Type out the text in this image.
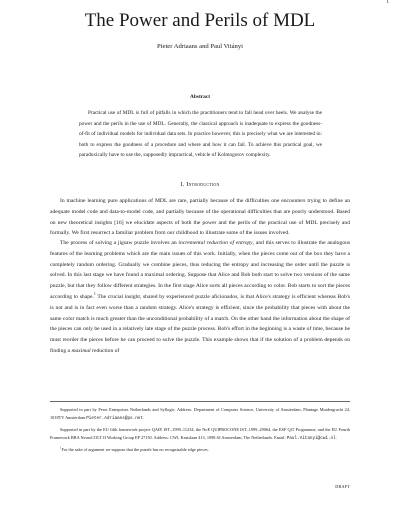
1
The Power and Perils of MDL
Pieter Adriaans and Paul Vitányi
Abstract
Practical use of MDL is full of pitfalls in which the practitioners tend to fall head over heels. We analyse the power and the perils in the use of MDL. Generally, the classical approach is inadequate to express the goodness-of-fit of individual models for individual data sets. In practice however, this is precisely what we are interested in: both to express the goodness of a procedure and where and how it can fail. To achieve this practical goal, we paradoxically have to use the, supposedly impractical, vehicle of Kolmogorov complexity.
I. Introduction
In machine learning pure applications of MDL are rare, partially because of the difficulties one encounters trying to define an adequate model code and data-to-model code, and partially because of the operational difficulties that are poorly understood. Based on new theoretical insights [16] we elucidate aspects of both the power and the perils of the practical use of MDL precisely and formally. We first resurrect a familiar problem from our childhood to illustrate some of the issues involved.
The process of solving a jigsaw puzzle involves an incremental reduction of entropy, and this serves to illustrate the analogous features of the learning problems which are the main issues of this work. Initially, when the pieces come out of the box they have a completely random ordering. Gradually we combine pieces, thus reducing the entropy and increasing the order until the puzzle is solved. In this last stage we have found a maximal ordering. Suppose that Alice and Bob both start to solve two versions of the same puzzle, but that they follow different strategies. In the first stage Alice sorts all pieces according to color. Bob starts to sort the pieces according to shape.$^1$ The crucial insight, shared by experienced puzzle aficionados, is that Alice's strategy is efficient whereas Bob's is not and is in fact even worse than a random strategy. Alice's strategy is efficient, since the probability that pieces with about the same color match is much greater than the unconditional probability of a match. On the other hand the information about the shape of the pieces can only be used in a relatively late stage of the puzzle process. Bob's effort in the beginning is a waste of time, because he must reorder the pieces before he can proceed to solve the puzzle. This example shows that if the solution of a problem depends on finding a maximal reduction of

Supported in part by Perot Enterprises Netherlands and Syllogic. Address: Department of Computer Science, University of Amsterdam, Plantage Muidergracht 24, 1018TV Amsterdam Pieter.Adriaans@ps.net.

Supported in part by the EU fifth framework project QAIP, IST–1999–11234, the NoE QUIPROCONE IST–1999–29064, the ESF QiT Programme, and the EU Fourth Framework BRA NeuroCOLT II Working Group EP 27150. Address: CWI, Kruislaan 413, 1098 SJ Amsterdam, The Netherlands. Email: Paul.Vitanyi@cwi.nl.

$^1$For the sake of argument we suppose that the puzzle has no recognizable edge pieces.

DRAFT
